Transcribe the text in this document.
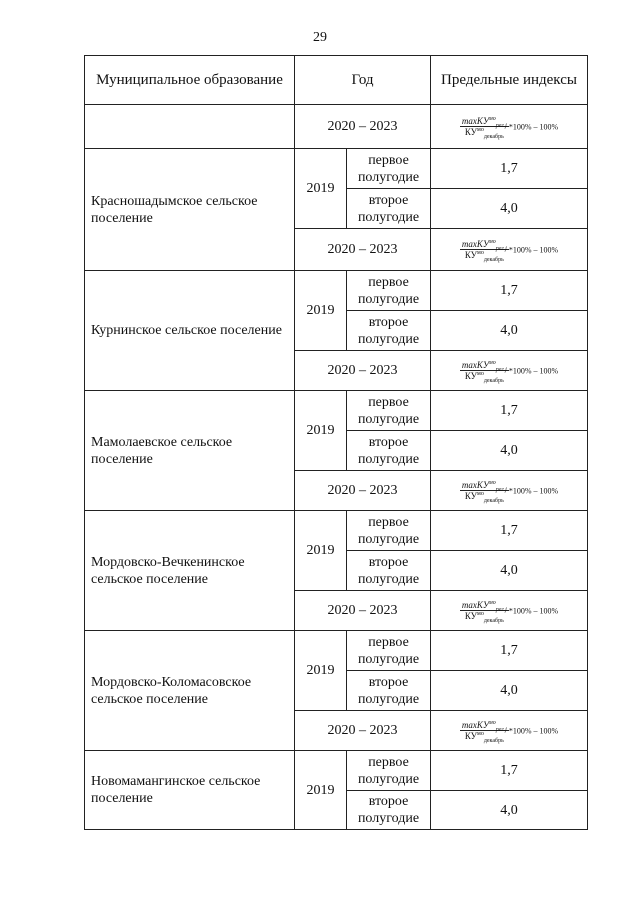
29
Муниципальное образование	Год		Предельные индексы
	2020 – 2023		$\frac{\max KУ^{мо}_{рег.j}}{КУ^{мо}_{декабрь}} *100\% - 100\%$
Красношадымское сельское поселение	2019	первое полугодие	1,7
		второе полугодие	4,0
	2020 – 2023		$\frac{\max KУ^{мо}_{рег.j}}{КУ^{мо}_{декабрь}} *100\% - 100\%$
Курнинское сельское поселение	2019	первое полугодие	1,7
		второе полугодие	4,0
	2020 – 2023		$\frac{\max KУ^{мо}_{рег.j}}{КУ^{мо}_{декабрь}} *100\% - 100\%$
Мамолаевское сельское поселение	2019	первое полугодие	1,7
		второе полугодие	4,0
	2020 – 2023		$\frac{\max KУ^{мо}_{рег.j}}{КУ^{мо}_{декабрь}} *100\% - 100\%$
Мордовско-Вечкенинское сельское поселение	2019	первое полугодие	1,7
		второе полугодие	4,0
	2020 – 2023		$\frac{\max KУ^{мо}_{рег.j}}{КУ^{мо}_{декабрь}} *100\% - 100\%$
Мордовско-Коломасовское сельское поселение	2019	первое полугодие	1,7
		второе полугодие	4,0
	2020 – 2023		$\frac{\max KУ^{мо}_{рег.j}}{КУ^{мо}_{декабрь}} *100\% - 100\%$
Новомамангинское сельское поселение	2019	первое полугодие	1,7
		второе полугодие	4,0
